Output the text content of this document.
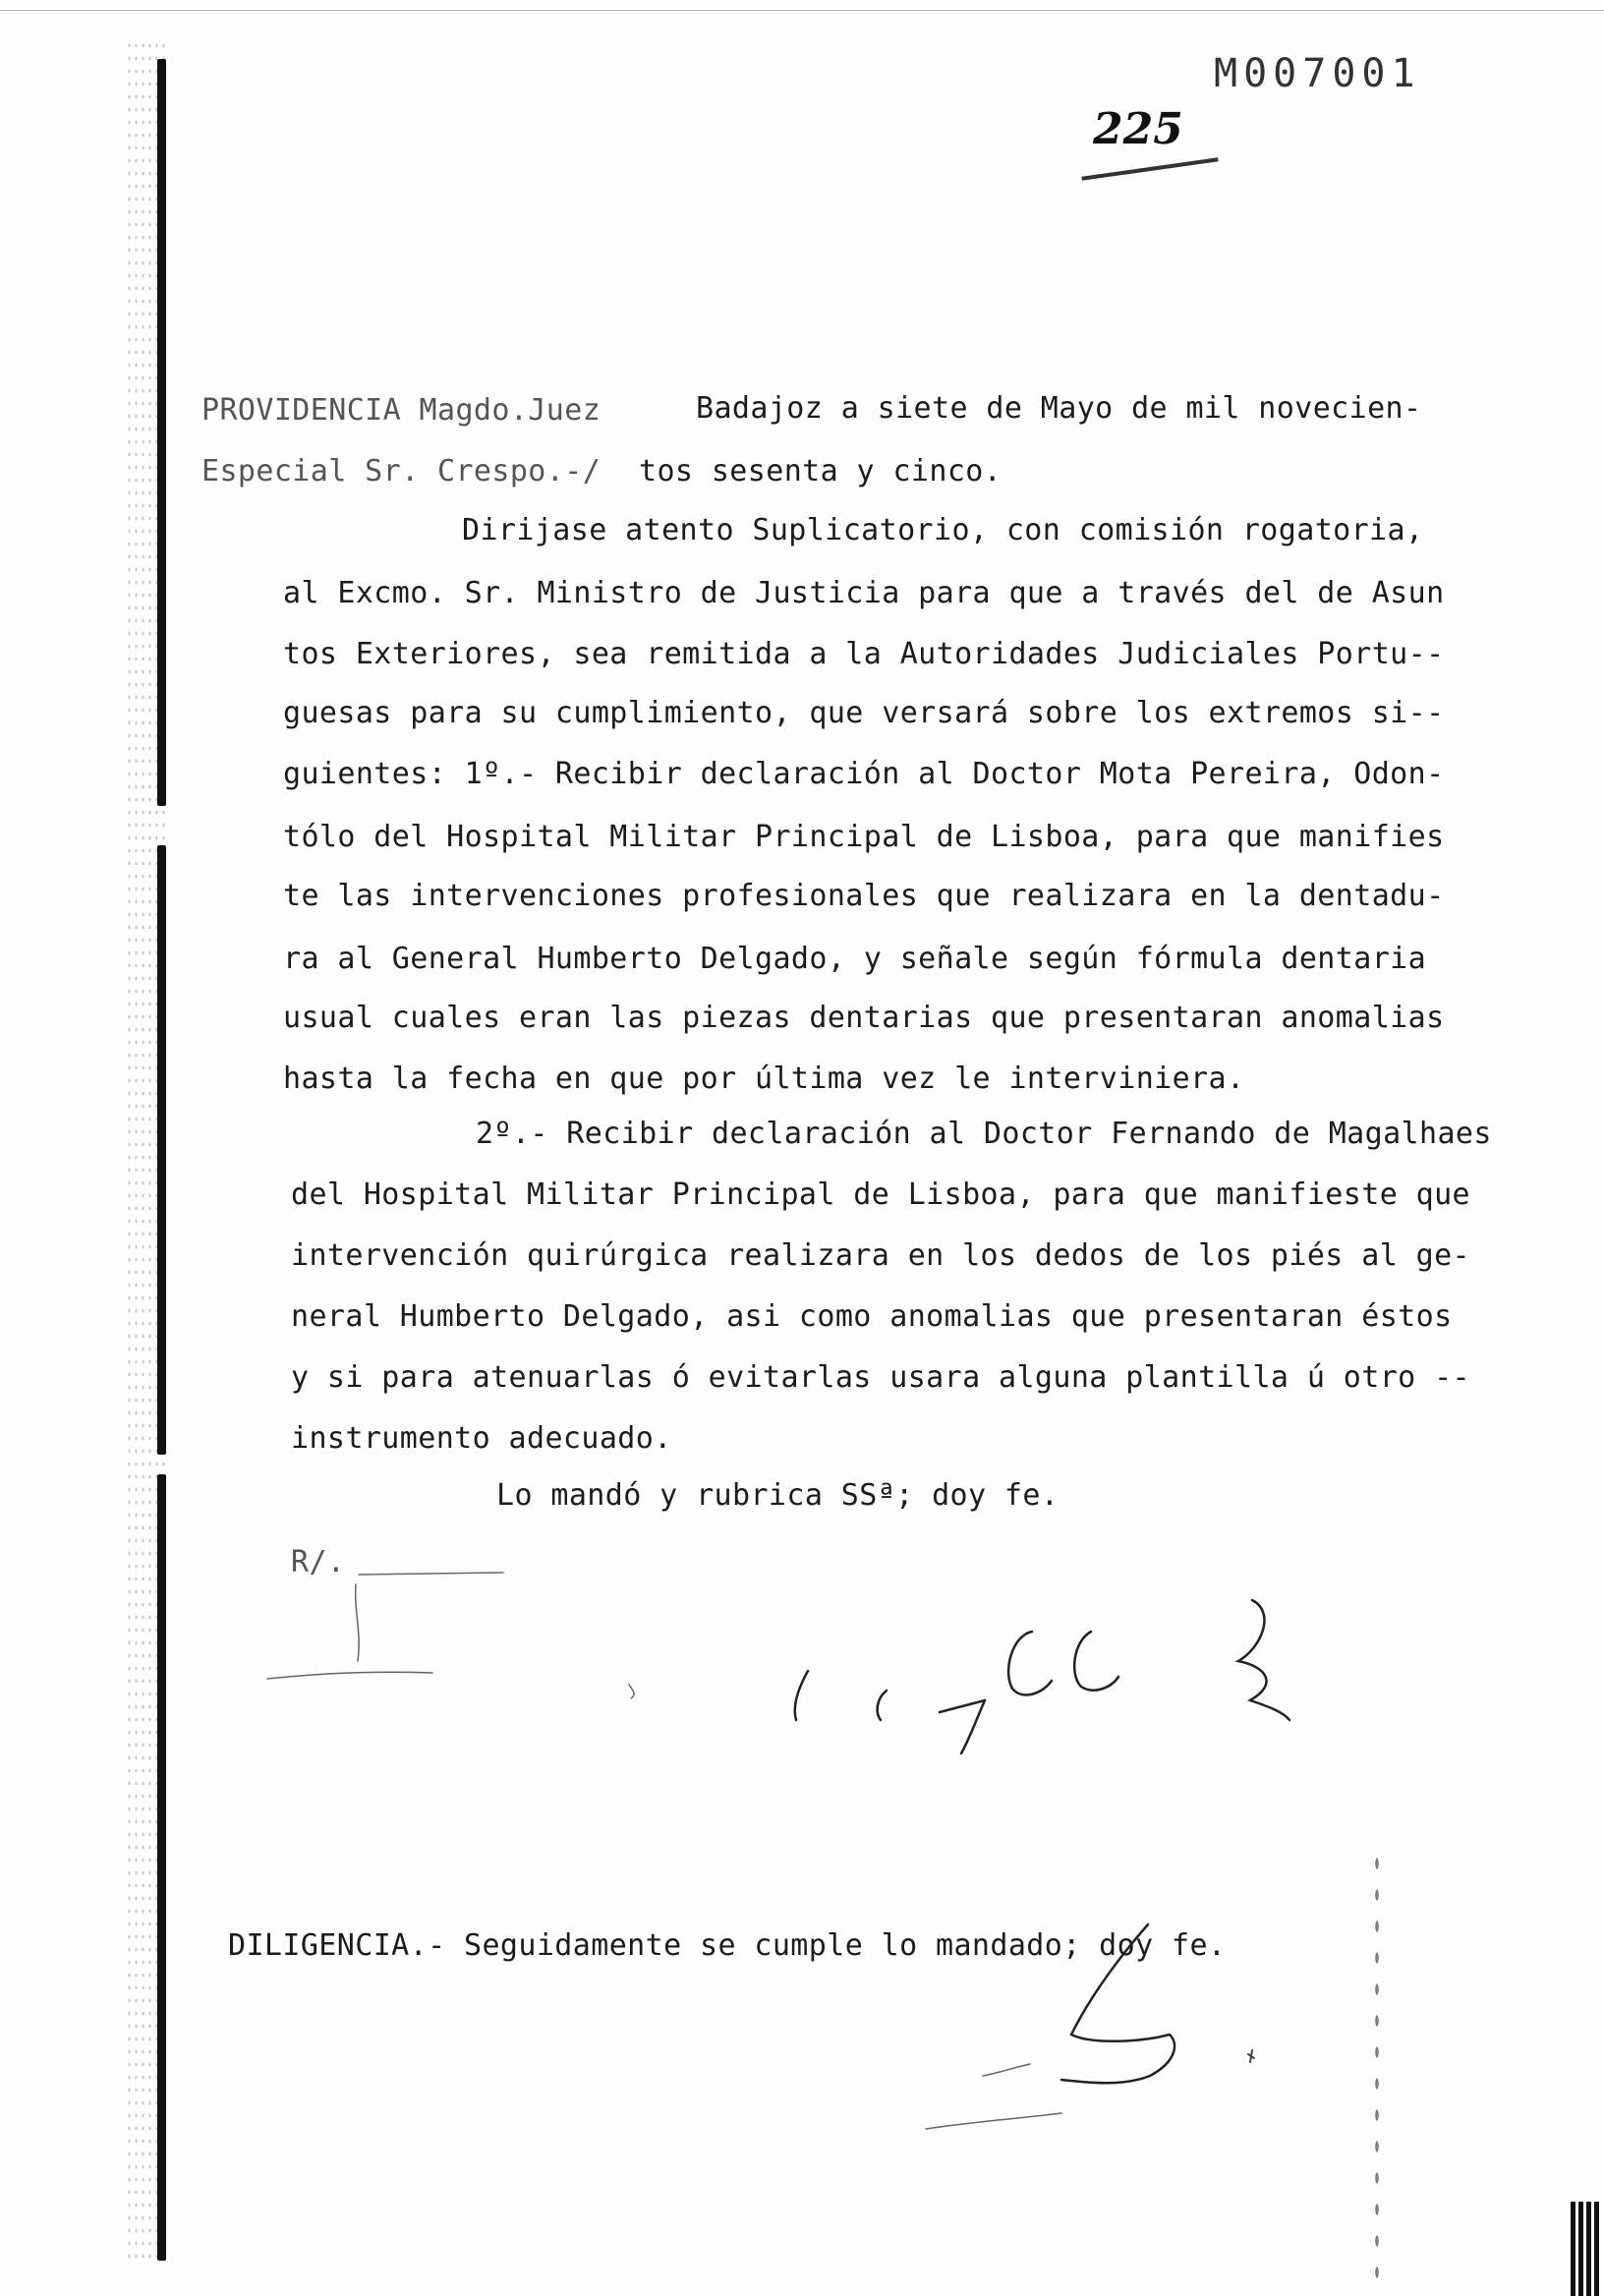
M007001
225
PROVIDENCIA Magdo.Juez
Especial Sr. Crespo.-/
Badajoz a siete de Mayo de mil novecien-
tos sesenta y cinco.
Dirijase atento Suplicatorio, con comisión rogatoria,
al Excmo. Sr. Ministro de Justicia para que a través del de Asun
tos Exteriores, sea remitida a la Autoridades Judiciales Portu--
guesas para su cumplimiento, que versará sobre los extremos si--
guientes: 1º.- Recibir declaración al Doctor Mota Pereira, Odon-
tólo del Hospital Militar Principal de Lisboa, para que manifies
te las intervenciones profesionales que realizara en la dentadu-
ra al General Humberto Delgado, y señale según fórmula dentaria
usual cuales eran las piezas dentarias que presentaran anomalias
hasta la fecha en que por última vez le interviniera.
2º.- Recibir declaración al Doctor Fernando de Magalhaes
del Hospital Militar Principal de Lisboa, para que manifieste que
intervención quirúrgica realizara en los dedos de los piés al ge-
neral Humberto Delgado, asi como anomalias que presentaran éstos
y si para atenuarlas ó evitarlas usara alguna plantilla ú otro --
instrumento adecuado.
Lo mandó y rubrica SSª; doy fe.
R/.
DILIGENCIA.- Seguidamente se cumple lo mandado; doy fe.
